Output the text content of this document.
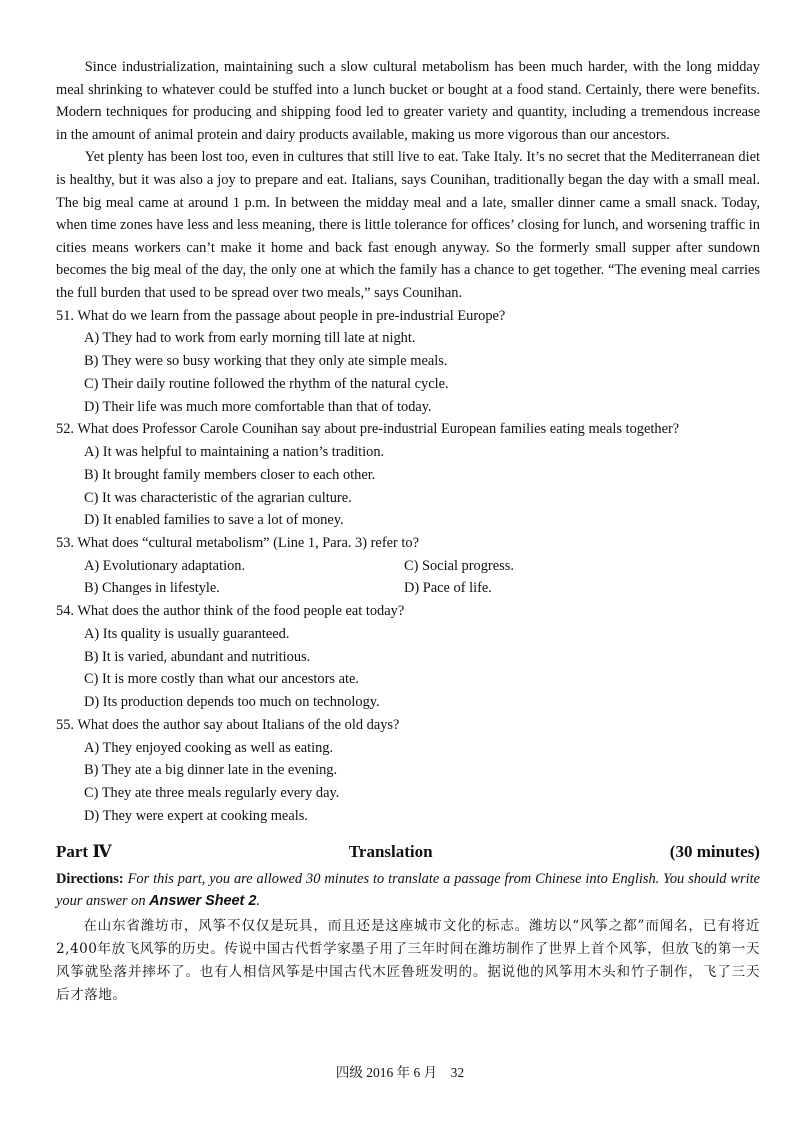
Since industrialization, maintaining such a slow cultural metabolism has been much harder, with the long midday meal shrinking to whatever could be stuffed into a lunch bucket or bought at a food stand. Certainly, there were benefits. Modern techniques for producing and shipping food led to greater variety and quantity, including a tremendous increase in the amount of animal protein and dairy products available, making us more vigorous than our ancestors.

Yet plenty has been lost too, even in cultures that still live to eat. Take Italy. It’s no secret that the Mediterranean diet is healthy, but it was also a joy to prepare and eat. Italians, says Counihan, traditionally began the day with a small meal. The big meal came at around 1 p.m. In between the midday meal and a late, smaller dinner came a small snack. Today, when time zones have less and less meaning, there is little tolerance for offices’ closing for lunch, and worsening traffic in cities means workers can’t make it home and back fast enough anyway. So the formerly small supper after sundown becomes the big meal of the day, the only one at which the family has a chance to get together. “The evening meal carries the full burden that used to be spread over two meals,” says Counihan.

51. What do we learn from the passage about people in pre-industrial Europe?

A) They had to work from early morning till late at night.

B) They were so busy working that they only ate simple meals.

C) Their daily routine followed the rhythm of the natural cycle.

D) Their life was much more comfortable than that of today.

52. What does Professor Carole Counihan say about pre-industrial European families eating meals together?

A) It was helpful to maintaining a nation’s tradition.

B) It brought family members closer to each other.

C) It was characteristic of the agrarian culture.

D) It enabled families to save a lot of money.

53. What does “cultural metabolism” (Line 1, Para. 3) refer to?

A) Evolutionary adaptation.	C) Social progress.
B) Changes in lifestyle.	D) Pace of life.

54. What does the author think of the food people eat today?

A) Its quality is usually guaranteed.

B) It is varied, abundant and nutritious.

C) It is more costly than what our ancestors ate.

D) Its production depends too much on technology.

55. What does the author say about Italians of the old days?

A) They enjoyed cooking as well as eating.

B) They ate a big dinner late in the evening.

C) They ate three meals regularly every day.

D) They were expert at cooking meals.

Part Ⅳ	Translation	(30 minutes)

Directions: For this part, you are allowed 30 minutes to translate a passage from Chinese into English. You should write your answer on Answer Sheet 2.

在山东省潍坊市，风筝不仅仅是玩具，而且还是这座城市文化的标志。潍坊以“风筝之都”而闻名，已有将近2,400年放飞风筝的历史。传说中国古代哲学家墨子用了三年时间在潍坊制作了世界上首个风筝，但放飞的第一天风筝就坠落并摔坏了。也有人相信风筝是中国古代木匠鲁班发明的。据说他的风筝用木头和竹子制作，飞了三天后才落地。

四级 2016 年 6 月　32
